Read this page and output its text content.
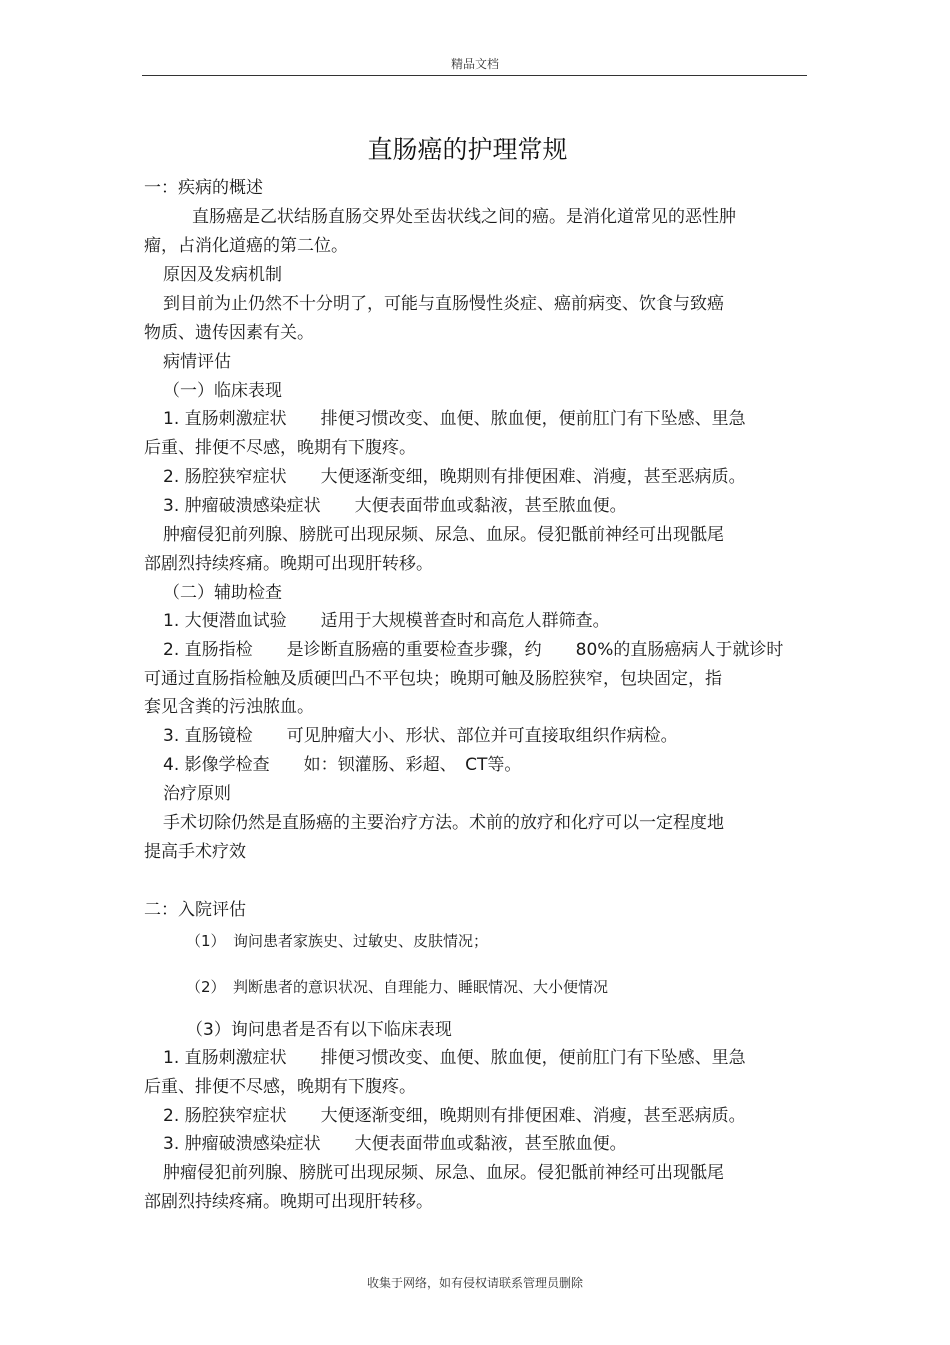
精品文档
直肠癌的护理常规
一：疾病的概述
直肠癌是乙状结肠直肠交界处至齿状线之间的癌。是消化道常见的恶性肿
瘤，占消化道癌的第二位。
原因及发病机制
到目前为止仍然不十分明了，可能与直肠慢性炎症、癌前病变、饮食与致癌
物质、遗传因素有关。
病情评估
（一）临床表现
1. 直肠刺激症状　　排便习惯改变、血便、脓血便，便前肛门有下坠感、里急
后重、排便不尽感，晚期有下腹疼。
2. 肠腔狭窄症状　　大便逐渐变细，晚期则有排便困难、消瘦，甚至恶病质。
3. 肿瘤破溃感染症状　　大便表面带血或黏液，甚至脓血便。
肿瘤侵犯前列腺、膀胱可出现尿频、尿急、血尿。侵犯骶前神经可出现骶尾
部剧烈持续疼痛。晚期可出现肝转移。
（二）辅助检查
1. 大便潜血试验　　适用于大规模普查时和高危人群筛查。
2. 直肠指检　　是诊断直肠癌的重要检查步骤，约　　80%的直肠癌病人于就诊时
可通过直肠指检触及质硬凹凸不平包块；晚期可触及肠腔狭窄，包块固定，指
套见含粪的污浊脓血。
3. 直肠镜检　　可见肿瘤大小、形状、部位并可直接取组织作病检。
4. 影像学检查　　如：钡灌肠、彩超、　CT等。
治疗原则
手术切除仍然是直肠癌的主要治疗方法。术前的放疗和化疗可以一定程度地
提高手术疗效
二：入院评估
（1）　询问患者家族史、过敏史、皮肤情况；
（2）　判断患者的意识状况、自理能力、睡眠情况、大小便情况
（3）询问患者是否有以下临床表现
1. 直肠刺激症状　　排便习惯改变、血便、脓血便，便前肛门有下坠感、里急
后重、排便不尽感，晚期有下腹疼。
2. 肠腔狭窄症状　　大便逐渐变细，晚期则有排便困难、消瘦，甚至恶病质。
3. 肿瘤破溃感染症状　　大便表面带血或黏液，甚至脓血便。
肿瘤侵犯前列腺、膀胱可出现尿频、尿急、血尿。侵犯骶前神经可出现骶尾
部剧烈持续疼痛。晚期可出现肝转移。
收集于网络，如有侵权请联系管理员删除
